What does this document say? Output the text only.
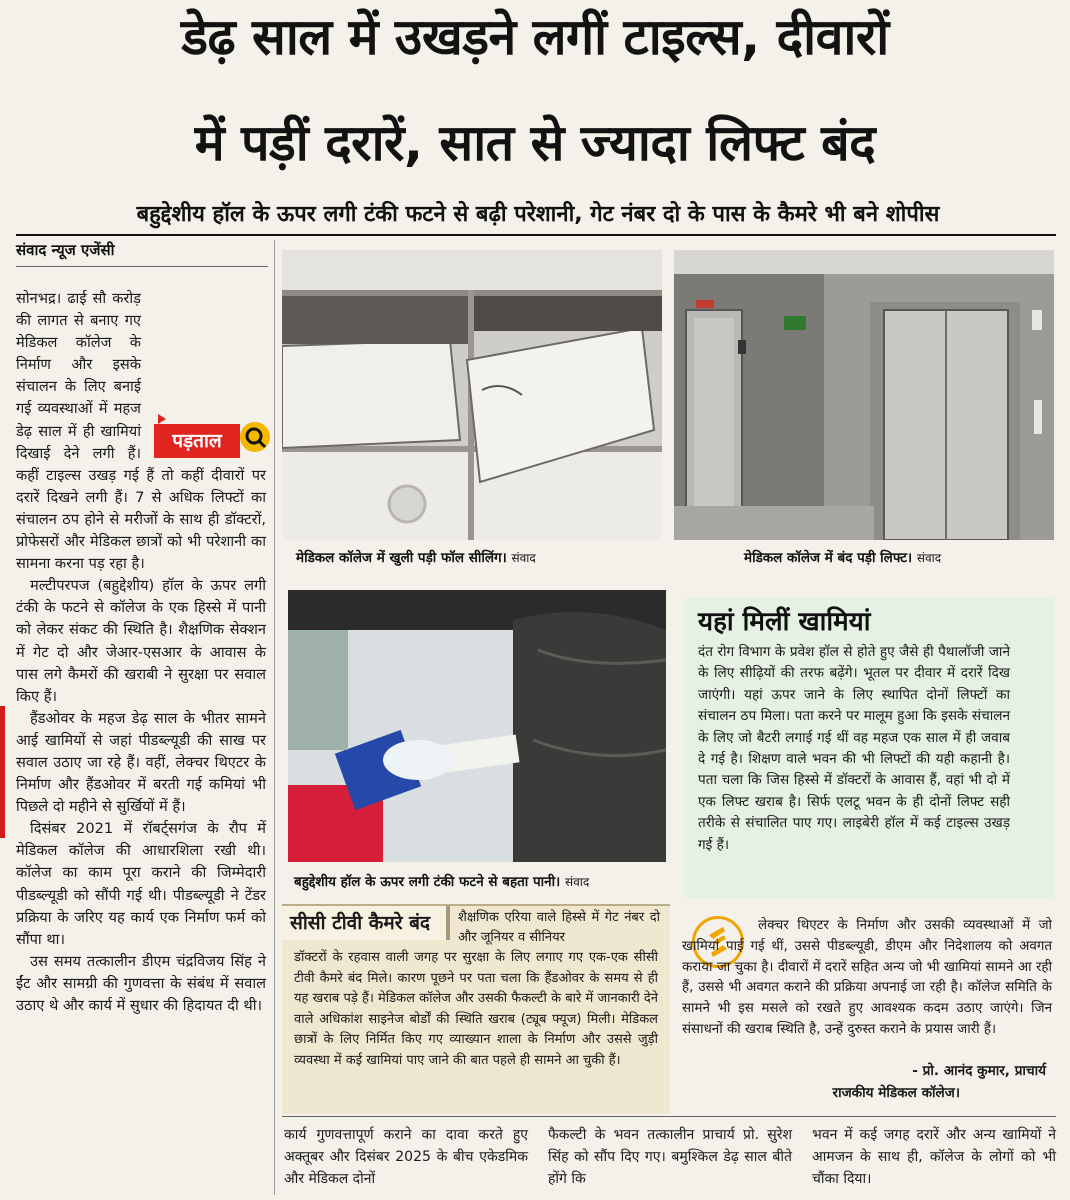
डेढ़ साल में उखड़ने लगीं टाइल्स, दीवारों
में पड़ीं दरारें, सात से ज्यादा लिफ्ट बंद
बहुद्देशीय हॉल के ऊपर लगी टंकी फटने से बढ़ी परेशानी, गेट नंबर दो के पास के कैमरे भी बने शोपीस
संवाद न्यूज एजेंसी
पड़ताल

सोनभद्र। ढाई सौ करोड़ की लागत से बनाए गए मेडिकल कॉलेज के निर्माण और इसके संचालन के लिए बनाई गई व्यवस्थाओं में महज डेढ़ साल में ही खामियां दिखाई देने लगी हैं। कहीं टाइल्स उखड़ गई हैं तो कहीं दीवारों पर दरारें दिखने लगी हैं। 7 से अधिक लिफ्टों का संचालन ठप होने से मरीजों के साथ ही डॉक्टरों, प्रोफेसरों और मेडिकल छात्रों को भी परेशानी का सामना करना पड़ रहा है।

मल्टीपरपज (बहुद्देशीय) हॉल के ऊपर लगी टंकी के फटने से कॉलेज के एक हिस्से में पानी को लेकर संकट की स्थिति है। शैक्षणिक सेक्शन में गेट दो और जेआर-एसआर के आवास के पास लगे कैमरों की खराबी ने सुरक्षा पर सवाल किए हैं।

हैंडओवर के महज डेढ़ साल के भीतर सामने आई खामियों से जहां पीडब्ल्यूडी की साख पर सवाल उठाए जा रहे हैं। वहीं, लेक्चर थिएटर के निर्माण और हैंडओवर में बरती गई कमियां भी पिछले दो महीने से सुर्खियों में हैं।

दिसंबर 2021 में रॉबर्ट्सगंज के रौप में मेडिकल कॉलेज की आधारशिला रखी थी। कॉलेज का काम पूरा कराने की जिम्मेदारी पीडब्ल्यूडी को सौंपी गई थी। पीडब्ल्यूडी ने टेंडर प्रक्रिया के जरिए यह कार्य एक निर्माण फर्म को सौंपा था।

उस समय तत्कालीन डीएम चंद्रविजय सिंह ने ईंट और सामग्री की गुणवत्ता के संबंध में सवाल उठाए थे और कार्य में सुधार की हिदायत दी थी।

मेडिकल कॉलेज में खुली पड़ी फॉल सीलिंग। संवाद	मेडिकल कॉलेज में बंद पड़ी लिफ्ट। संवाद
बहुद्देशीय हॉल के ऊपर लगी टंकी फटने से बहता पानी। संवाद
यहां मिलीं खामियां
दंत रोग विभाग के प्रवेश हॉल से होते हुए जैसे ही पैथालॉजी जाने के लिए सीढ़ियों की तरफ बढ़ेंगे। भूतल पर दीवार में दरारें दिख जाएंगी। यहां ऊपर जाने के लिए स्थापित दोनों लिफ्टों का संचालन ठप मिला। पता करने पर मालूम हुआ कि इसके संचालन के लिए जो बैटरी लगाई गई थीं वह महज एक साल में ही जवाब दे गई है। शिक्षण वाले भवन की भी लिफ्टों की यही कहानी है। पता चला कि जिस हिस्से में डॉक्टरों के आवास हैं, वहां भी दो में एक लिफ्ट खराब है। सिर्फ एलटू भवन के ही दोनों लिफ्ट सही तरीके से संचालित पाए गए। लाइबेरी हॉल में कई टाइल्स उखड़ गई हैं।
सीसी टीवी कैमरे बंद	शैक्षणिक एरिया वाले हिस्से में गेट नंबर दो और जूनियर व सीनियर
डॉक्टरों के रहवास वाली जगह पर सुरक्षा के लिए लगाए गए एक-एक सीसी टीवी कैमरे बंद मिले। कारण पूछने पर पता चला कि हैंडओवर के समय से ही यह खराब पड़े हैं। मेडिकल कॉलेज और उसकी फैकल्टी के बारे में जानकारी देने वाले अधिकांश साइनेज बोर्डों की स्थिति खराब (ट्यूब फ्यूज) मिली। मेडिकल छात्रों के लिए निर्मित किए गए व्याख्यान शाला के निर्माण और उससे जुड़ी व्यवस्था में कई खामियां पाए जाने की बात पहले ही सामने आ चुकी हैं।
लेक्चर थिएटर के निर्माण और उसकी व्यवस्थाओं में जो खामियां पाई गई थीं, उससे पीडब्ल्यूडी, डीएम और निदेशालय को अवगत कराया जा चुका है। दीवारों में दरारें सहित अन्य जो भी खामियां सामने आ रही हैं, उससे भी अवगत कराने की प्रक्रिया अपनाई जा रही है। कॉलेज समिति के सामने भी इस मसले को रखते हुए आवश्यक कदम उठाए जाएंगे। जिन संसाधनों की खराब स्थिति है, उन्हें दुरुस्त कराने के प्रयास जारी हैं।
- प्रो. आनंद कुमार, प्राचार्य
राजकीय मेडिकल कॉलेज।
कार्य गुणवत्तापूर्ण कराने का दावा करते हुए अक्तूबर और दिसंबर 2025 के बीच एकेडमिक और मेडिकल दोनों
फैकल्टी के भवन तत्कालीन प्राचार्य प्रो. सुरेश सिंह को सौंप दिए गए। बमुश्किल डेढ़ साल बीते होंगे कि
भवन में कई जगह दरारें और अन्य खामियों ने आमजन के साथ ही, कॉलेज के लोगों को भी चौंका दिया।
